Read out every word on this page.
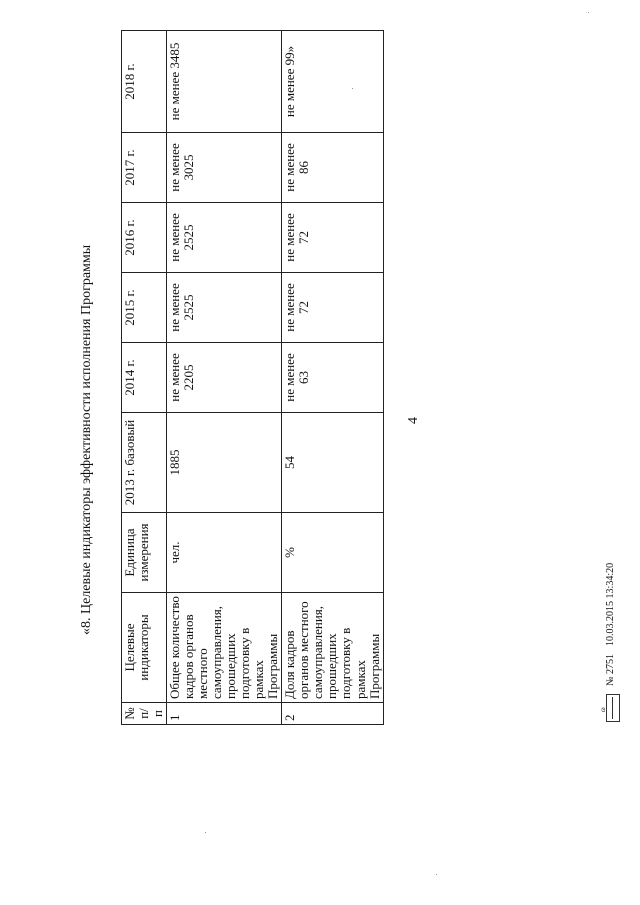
4
«8. Целевые индикаторы эффективности исполнения Программы
№ п/п	Целевые индикаторы	Единица измерения	2013 г. базовый	2014 г.	2015 г.	2016 г.	2017 г.	2018 г.
1	Общее количество кадров органов местного самоуправления, прошедших подготовку в рамках Программы	чел.	1885	не менее 2205	не менее 2525	не менее 2525	не менее 3025	не менее 3485
2	Доля кадров органов местного самоуправления, прошедших подготовку в рамках Программы	%	54	не менее 63	не менее 72	не менее 72	не менее 86	не менее 99»
ɷ
№ 2751
10.03.2015 13:34:20
